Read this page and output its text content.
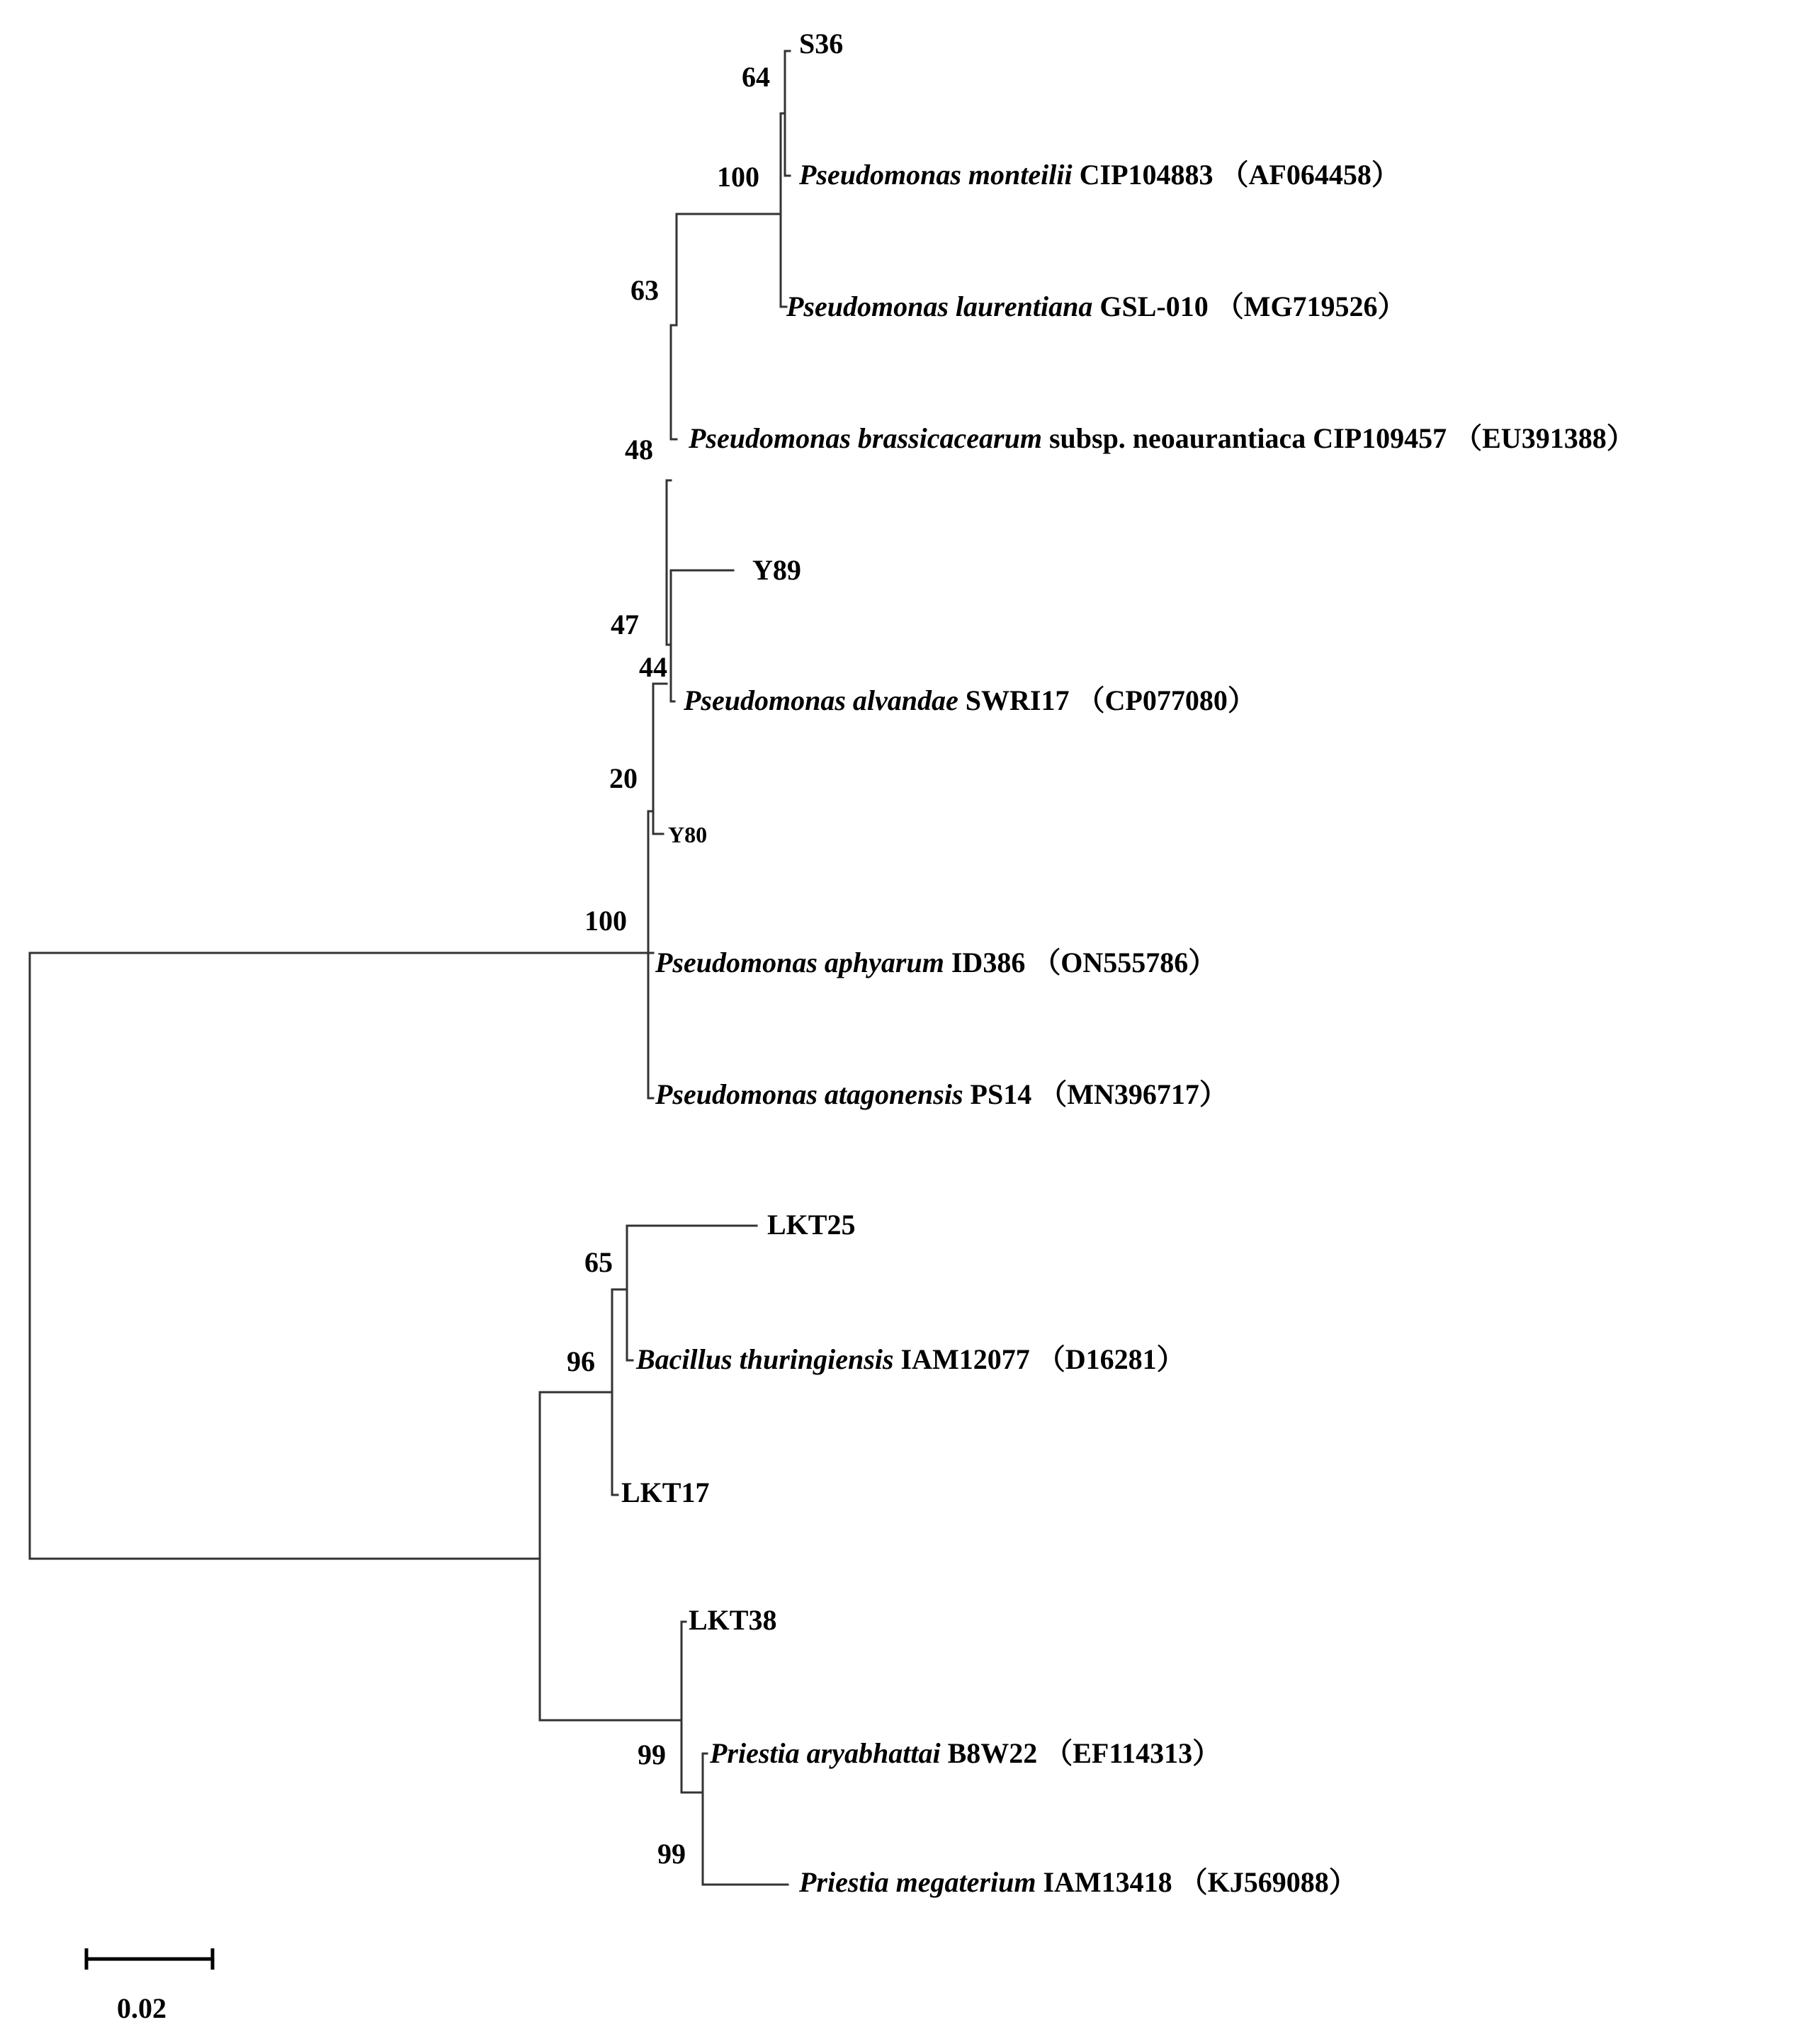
S36
Pseudomonas monteilii CIP104883 （AF064458）
Pseudomonas laurentiana GSL-010 （MG719526）
Pseudomonas brassicacearum subsp. neoaurantiaca CIP109457 （EU391388）
Y89
Pseudomonas alvandae SWRI17 （CP077080）
Y80
Pseudomonas aphyarum ID386 （ON555786）
Pseudomonas atagonensis PS14 （MN396717）
LKT25
Bacillus thuringiensis IAM12077 （D16281）
LKT17
LKT38
Priestia aryabhattai B8W22 （EF114313）
Priestia megaterium IAM13418 （KJ569088）
64
100
63
48
47
44
20
100
65
96
99
99
0.02
